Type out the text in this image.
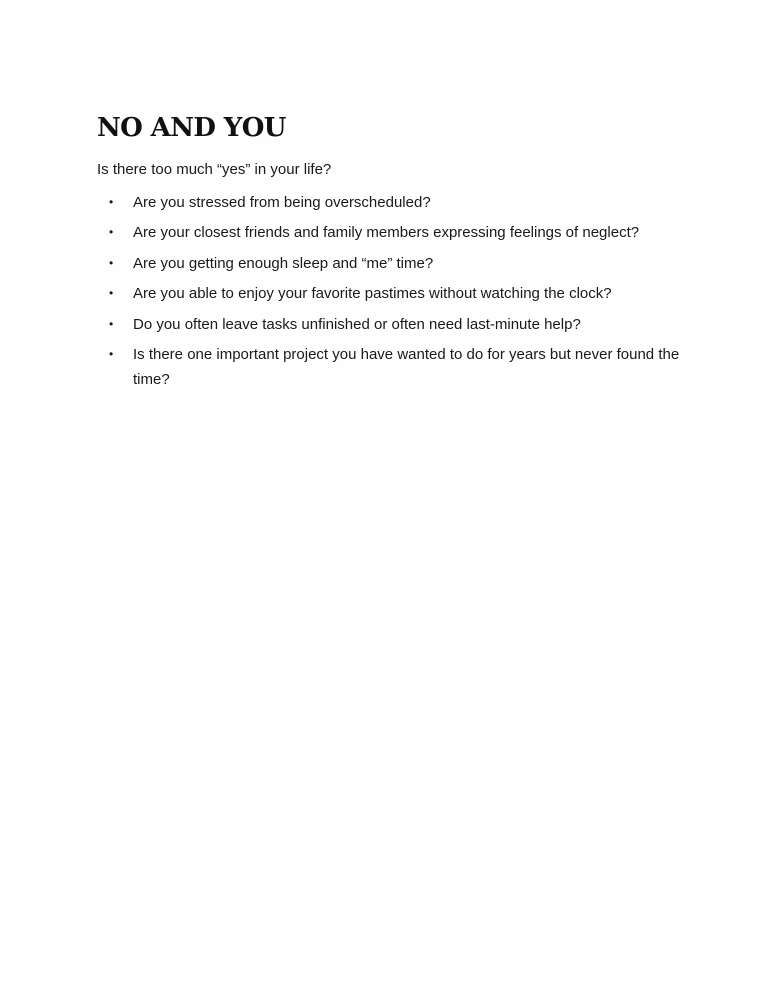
NO AND YOU

Is there too much “yes” in your life?

• Are you stressed from being overscheduled?
• Are your closest friends and family members expressing feelings of neglect?
• Are you getting enough sleep and “me” time?
• Are you able to enjoy your favorite pastimes without watching the clock?
• Do you often leave tasks unfinished or often need last-minute help?
• Is there one important project you have wanted to do for years but never found the time?
